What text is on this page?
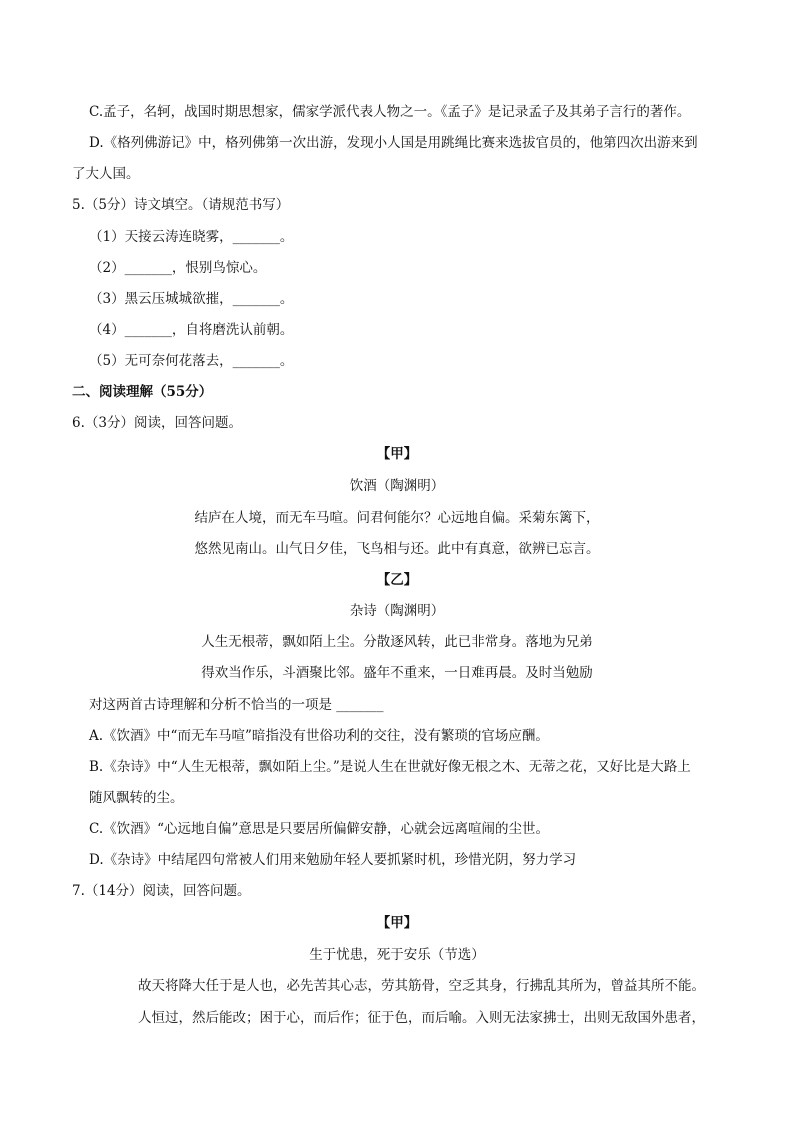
C.孟子，名轲，战国时期思想家，儒家学派代表人物之一。《孟子》是记录孟子及其弟子言行的著作。
D.《格列佛游记》中，格列佛第一次出游，发现小人国是用跳绳比赛来选拔官员的，他第四次出游来到
了大人国。
5.（5分）诗文填空。（请规范书写）
（1）天接云涛连晓雾，_______。
（2）_______，恨别鸟惊心。
（3）黑云压城城欲摧，_______。
（4）_______，自将磨洗认前朝。
（5）无可奈何花落去，_______。
二、阅读理解（55分）
6.（3分）阅读，回答问题。
【甲】
饮酒（陶渊明）
结庐在人境，而无车马喧。问君何能尔？心远地自偏。采菊东篱下，
悠然见南山。山气日夕佳，飞鸟相与还。此中有真意，欲辨已忘言。
【乙】
杂诗（陶渊明）
人生无根蒂，飘如陌上尘。分散逐风转，此已非常身。落地为兄弟
得欢当作乐，斗酒聚比邻。盛年不重来，一日难再晨。及时当勉励
对这两首古诗理解和分析不恰当的一项是 _______
A.《饮酒》中“而无车马喧”暗指没有世俗功利的交往，没有繁琐的官场应酬。
B.《杂诗》中“人生无根蒂，飘如陌上尘。”是说人生在世就好像无根之木、无蒂之花，又好比是大路上
随风飘转的尘。
C.《饮酒》“心远地自偏”意思是只要居所偏僻安静，心就会远离喧闹的尘世。
D.《杂诗》中结尾四句常被人们用来勉励年轻人要抓紧时机，珍惜光阴，努力学习
7.（14分）阅读，回答问题。
【甲】
生于忧患，死于安乐（节选）
故天将降大任于是人也，必先苦其心志，劳其筋骨，空乏其身，行拂乱其所为，曾益其所不能。
人恒过，然后能改；困于心，而后作；征于色，而后喻。入则无法家拂士，出则无敌国外患者，
